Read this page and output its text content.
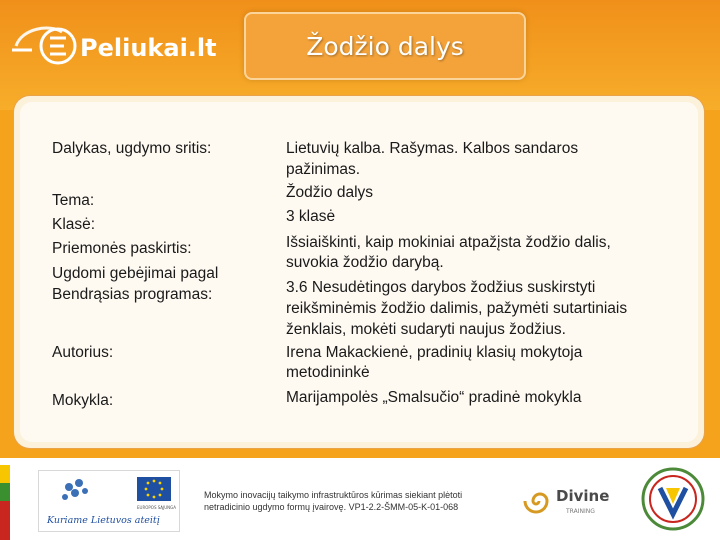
Peliukai.lt	Žodžio dalys
Dalykas, ugdymo sritis:
Tema:
Klasė:
Priemonės paskirtis:
Ugdomi gebėjimai pagal
Bendrąsias programas:
Autorius:
Mokykla:
Lietuvių kalba. Rašymas. Kalbos sandaros
pažinimas.
Žodžio dalys
3 klasė
Išsiaiškinti, kaip mokiniai atpažįsta žodžio dalis,
suvokia žodžio darybą.
3.6 Nesudėtingos darybos žodžius suskirstyti
reikšminėmis žodžio dalimis, pažymėti sutartiniais
ženklais, mokėti sudaryti naujus žodžius.
Irena Makackienė, pradinių klasių mokytoja
metodininkė
Marijampolės „Smalsučio“ pradinė mokykla
EUROPOS SĄJUNGA
Kuriame Lietuvos ateitį
Mokymo inovacijų taikymo infrastruktūros kūrimas siekiant plėtoti
netradicinio ugdymo formų įvairovę. VP1-2.2-ŠMM-05-K-01-068
Divine
TRAINING
